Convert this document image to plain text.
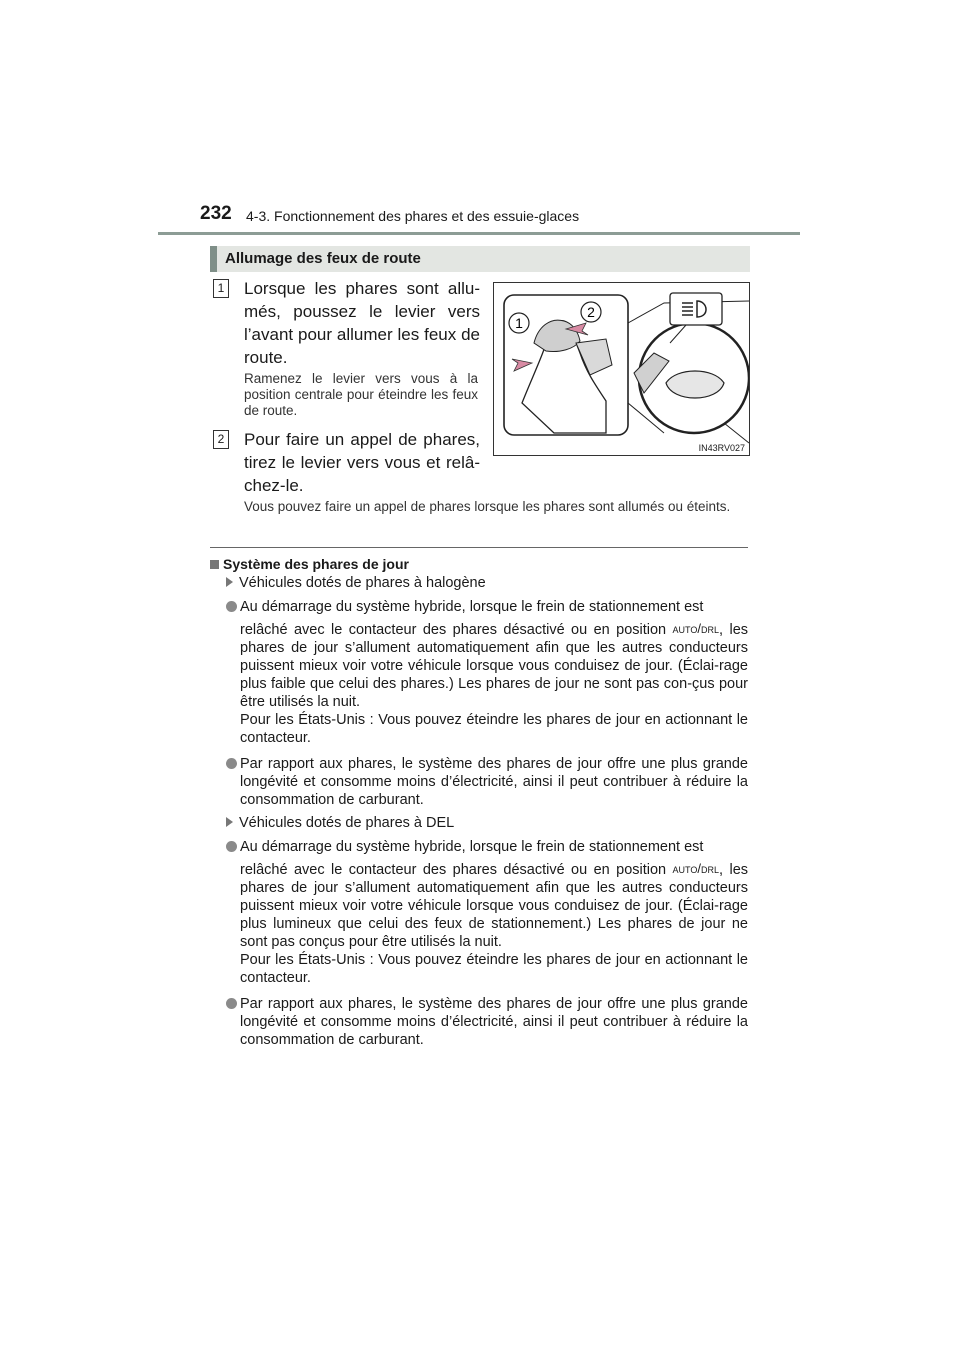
232 4-3. Fonctionnement des phares et des essuie-glaces
Allumage des feux de route
1 Lorsque les phares sont allu-més, poussez le levier vers l’avant pour allumer les feux de route.
Ramenez le levier vers vous à la position centrale pour éteindre les feux de route.
2 Pour faire un appel de phares, tirez le levier vers vous et relâ-chez-le.
Vous pouvez faire un appel de phares lorsque les phares sont allumés ou éteints.
1
2
IN43RV027
Système des phares de jour
Véhicules dotés de phares à halogène
Au démarrage du système hybride, lorsque le frein de stationnement est
relâché avec le contacteur des phares désactivé ou en position AUTO/DRL, les phares de jour s’allument automatiquement afin que les autres conducteurs puissent mieux voir votre véhicule lorsque vous conduisez de jour. (Éclai-rage plus faible que celui des phares.) Les phares de jour ne sont pas con-çus pour être utilisés la nuit.
Pour les États-Unis : Vous pouvez éteindre les phares de jour en actionnant le contacteur.
Par rapport aux phares, le système des phares de jour offre une plus grande longévité et consomme moins d’électricité, ainsi il peut contribuer à réduire la consommation de carburant.
Véhicules dotés de phares à DEL
Au démarrage du système hybride, lorsque le frein de stationnement est
relâché avec le contacteur des phares désactivé ou en position AUTO/DRL, les phares de jour s’allument automatiquement afin que les autres conducteurs puissent mieux voir votre véhicule lorsque vous conduisez de jour. (Éclai-rage plus lumineux que celui des feux de stationnement.) Les phares de jour ne sont pas conçus pour être utilisés la nuit.
Pour les États-Unis : Vous pouvez éteindre les phares de jour en actionnant le contacteur.
Par rapport aux phares, le système des phares de jour offre une plus grande longévité et consomme moins d’électricité, ainsi il peut contribuer à réduire la consommation de carburant.
